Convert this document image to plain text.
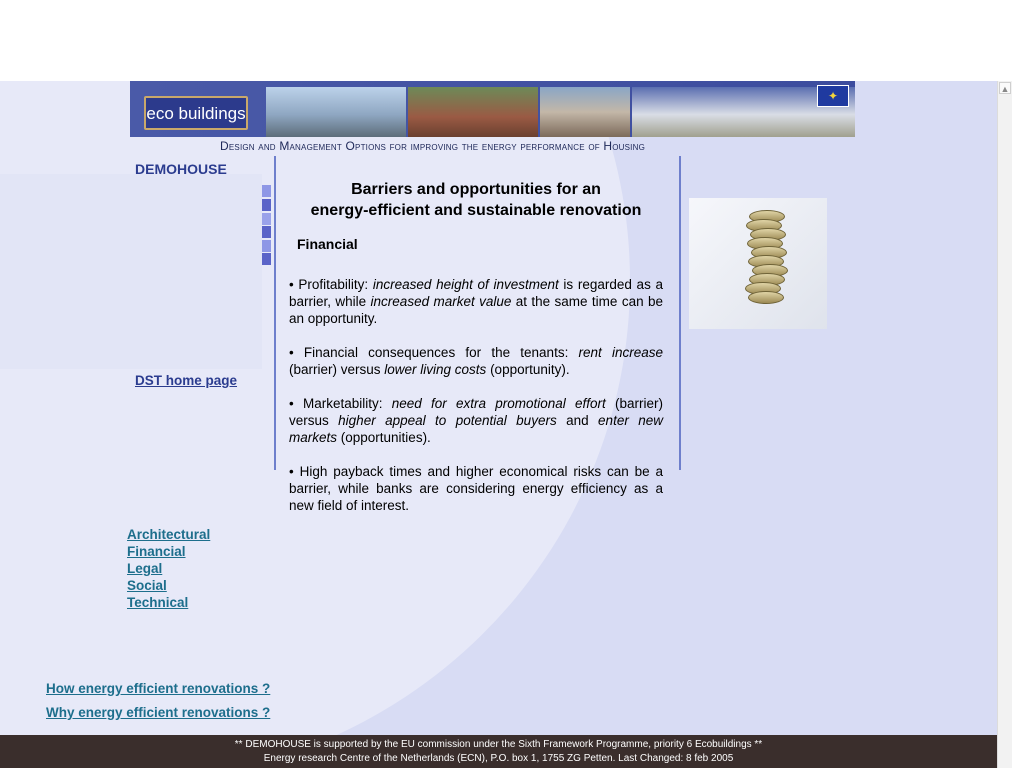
eco buildings
✦
Design and Management Options for improving the energy performance of Housing
DEMOHOUSE
DST home page

Barriers and opportunities for an
energy-efficient and sustainable renovation

Financial

• Profitability: increased height of investment is regarded as a barrier, while increased market value at the same time can be an opportunity.

• Financial consequences for the tenants: rent increase (barrier) versus lower living costs (opportunity).

• Marketability: need for extra promotional effort (barrier) versus higher appeal to potential buyers and enter new markets (opportunities).

• High payback times and higher economical risks can be a barrier, while banks are considering energy efficiency as a new field of interest.

Architectural
Financial
Legal
Social
Technical
How energy efficient renovations ?
Why energy efficient renovations ?
** DEMOHOUSE is supported by the EU commission under the Sixth Framework Programme, priority 6 Ecobuildings **
Energy research Centre of the Netherlands (ECN), P.O. box 1, 1755 ZG Petten. Last Changed: 8 feb 2005
▲
